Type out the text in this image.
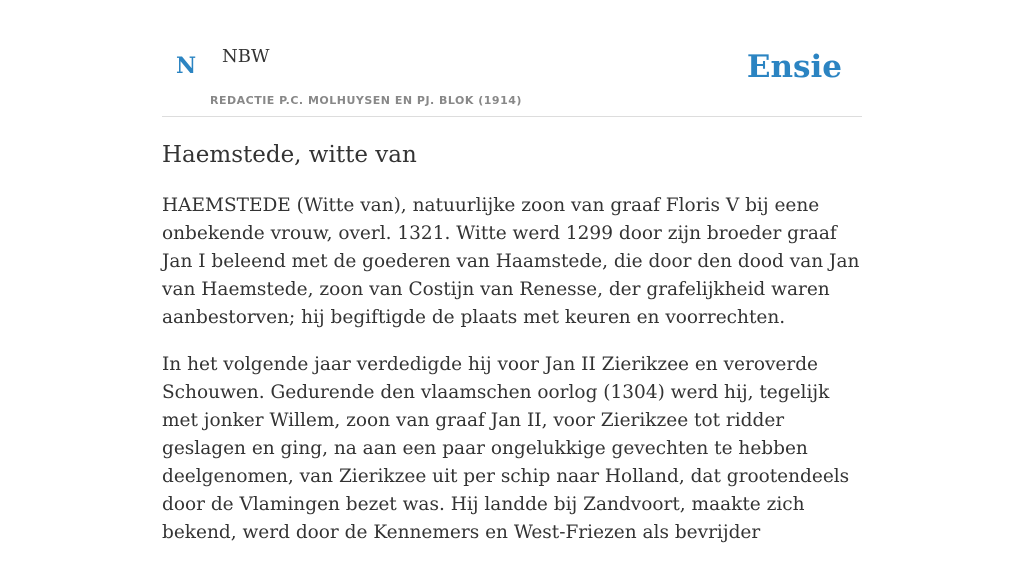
N NBW
REDACTIE P.C. MOLHUYSEN EN PJ. BLOK (1914)
Ensie
Haemstede, witte van

HAEMSTEDE (Witte van), natuurlijke zoon van graaf Floris V bij eene onbekende vrouw, overl. 1321. Witte werd 1299 door zijn broeder graaf Jan I beleend met de goederen van Haamstede, die door den dood van Jan van Haemstede, zoon van Costijn van Renesse, der grafelijkheid waren aanbestorven; hij begiftigde de plaats met keuren en voorrechten.

In het volgende jaar verdedigde hij voor Jan II Zierikzee en veroverde Schouwen. Gedurende den vlaamschen oorlog (1304) werd hij, tegelijk met jonker Willem, zoon van graaf Jan II, voor Zierikzee tot ridder geslagen en ging, na aan een paar ongelukkige gevechten te hebben deelgenomen, van Zierikzee uit per schip naar Holland, dat grootendeels door de Vlamingen bezet was. Hij landde bij Zandvoort, maakte zich bekend, werd door de Kennemers en West-Friezen als bevrijder
